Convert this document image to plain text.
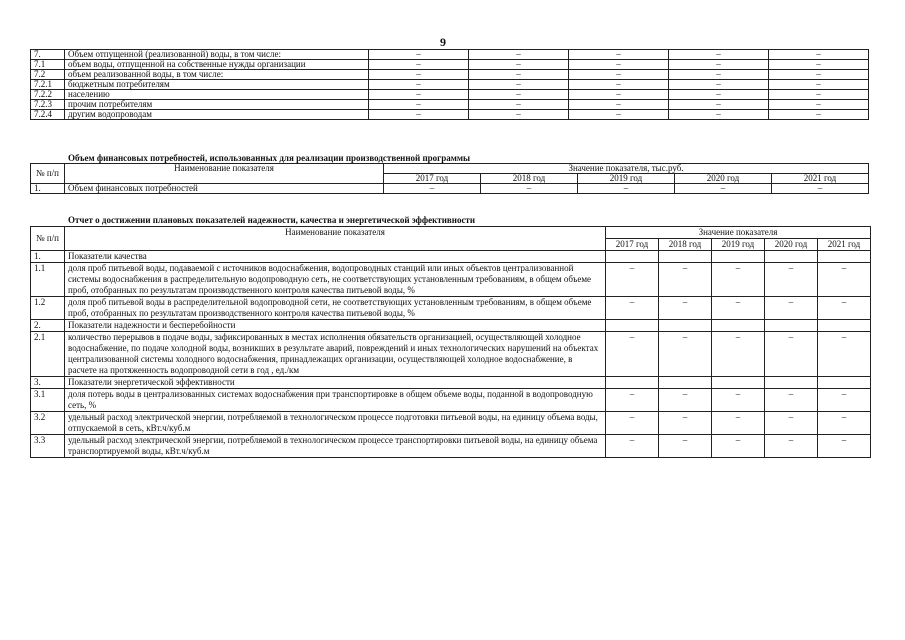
9
7.	Объем отпущенной (реализованной) воды, в том числе:	–	–	–	–	–
7.1	объем воды, отпущенной на собственные нужды организации	–	–	–	–	–
7.2	объем реализованной воды, в том числе:	–	–	–	–	–
7.2.1	бюджетным потребителям	–	–	–	–	–
7.2.2	населению	–	–	–	–	–
7.2.3	прочим потребителям	–	–	–	–	–
7.2.4	другим водопроводам	–	–	–	–	–
Объем финансовых потребностей, использованных для реализации производственной программы
№ п/п	Наименование показателя	Значение показателя, тыс.руб.				
		2017 год	2018 год	2019 год	2020 год	2021 год
1.	Объем финансовых потребностей	–	–	–	–	–
Отчет о достижении плановых показателей надежности, качества и энергетической эффективности
№ п/п	Наименование показателя	Значение показателя				
		2017 год	2018 год	2019 год	2020 год	2021 год
1.	Показатели качества					
1.1	доля проб питьевой воды, подаваемой с источников водоснабжения, водопроводных станций или иных объектов централизованной системы водоснабжения в распределительную водопроводную сеть, не соответствующих установленным требованиям, в общем объеме проб, отобранных по результатам производственного контроля качества питьевой воды, %	–	–	–	–	–
1.2	доля проб питьевой воды в распределительной водопроводной сети, не соответствующих установленным требованиям, в общем объеме проб, отобранных по результатам производственного контроля качества питьевой воды, %	–	–	–	–	–
2.	Показатели надежности и бесперебойности					
2.1	количество перерывов в подаче воды, зафиксированных в местах исполнения обязательств организацией, осуществляющей холодное водоснабжение, по подаче холодной воды, возникших в результате аварий, повреждений и иных технологических нарушений на объектах централизованной системы холодного водоснабжения, принадлежащих организации, осуществляющей холодное водоснабжение, в расчете на протяженность водопроводной сети в год , ед./км	–	–	–	–	–
3.	Показатели энергетической эффективности					
3.1	доля потерь воды в централизованных системах водоснабжения при транспортировке в общем объеме воды, поданной в водопроводную сеть, %	–	–	–	–	–
3.2	удельный расход электрической энергии, потребляемой в технологическом процессе подготовки питьевой воды, на единицу объема воды, отпускаемой в сеть, кВт.ч/куб.м	–	–	–	–	–
3.3	удельный расход электрической энергии, потребляемой в технологическом процессе транспортировки питьевой воды, на единицу объема транспортируемой воды, кВт.ч/куб.м	–	–	–	–	–
